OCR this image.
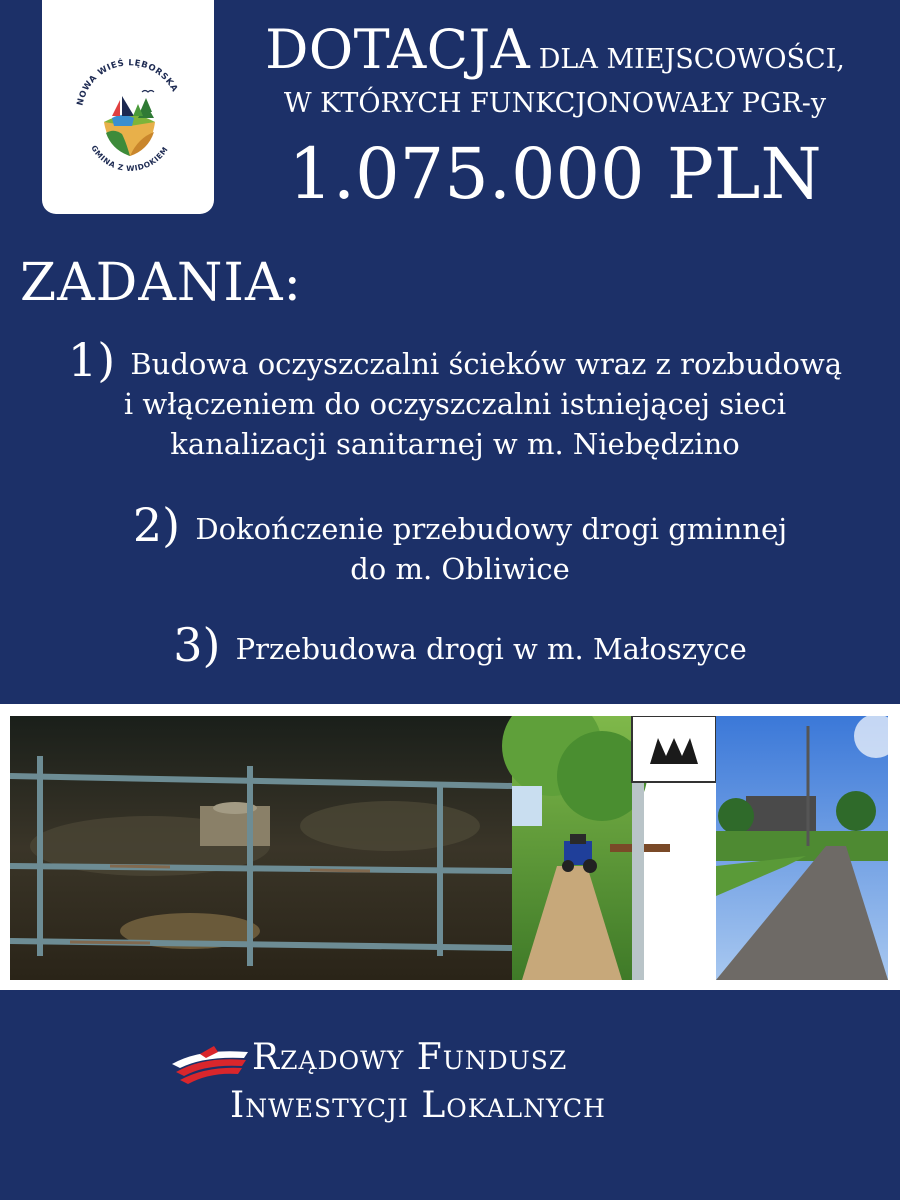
NOWA WIEŚ LĘBORSKA
GMINA Z WIDOKIEM
DOTACJA DLA MIEJSCOWOŚCI,
W KTÓRYCH FUNKCJONOWAŁY PGR-y
1.075.000 PLN
ZADANIA:
1) Budowa oczyszczalni ścieków wraz z rozbudową
i włączeniem do oczyszczalni istniejącej sieci
kanalizacji sanitarnej w m. Niebędzino
2) Dokończenie przebudowy drogi gminnej
do m. Obliwice
3) Przebudowa drogi w m. Małoszyce
Rządowy Fundusz
Inwestycji Lokalnych
